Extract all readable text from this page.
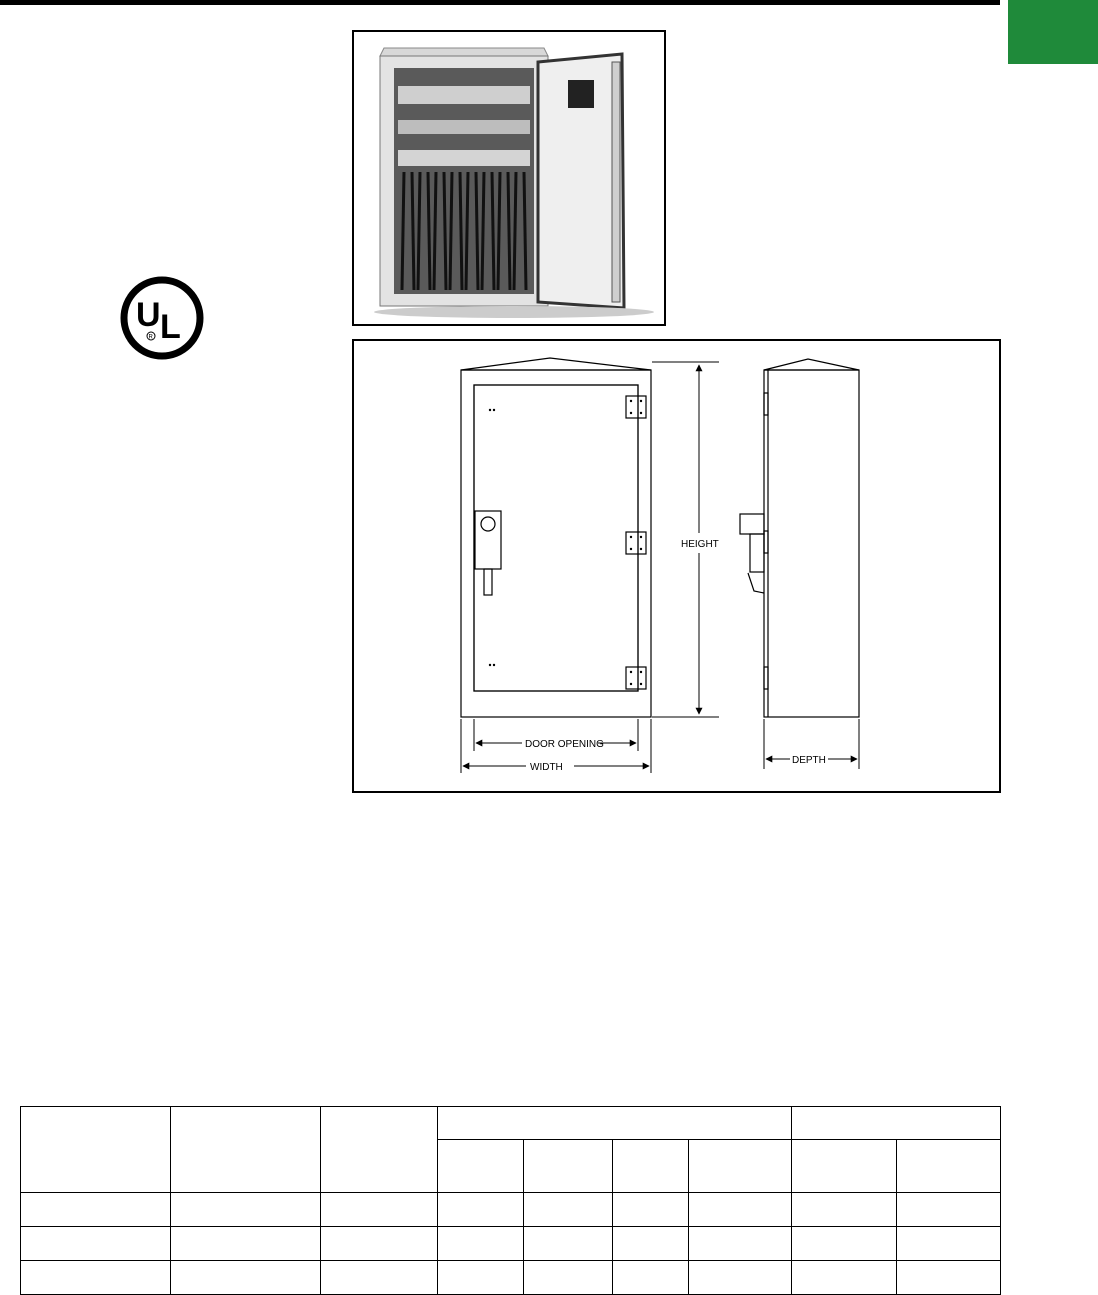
U L
R
HEIGHT
DOOR OPENING
WIDTH
DEPTH
